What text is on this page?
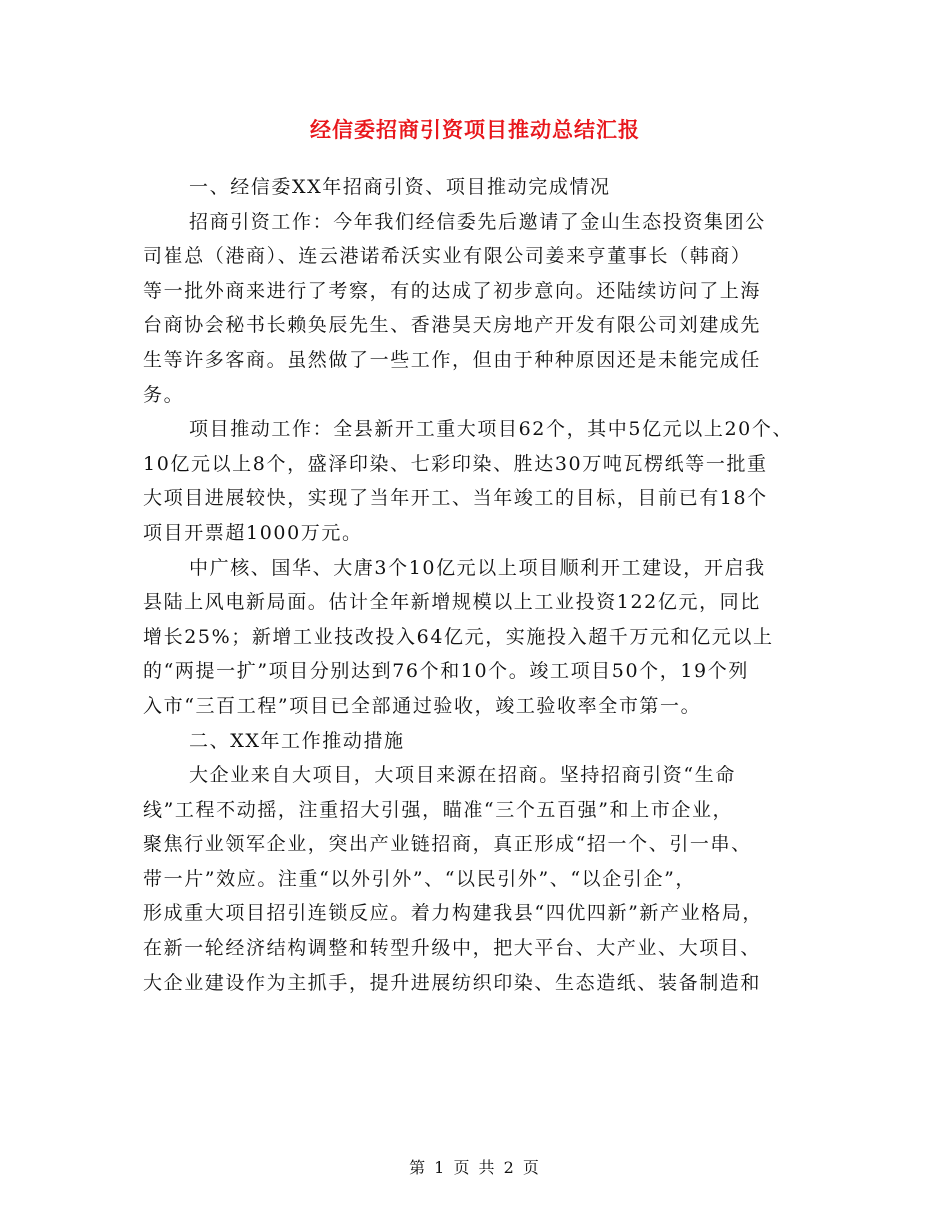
经信委招商引资项目推动总结汇报
一、经信委XX年招商引资、项目推动完成情况
招商引资工作：今年我们经信委先后邀请了金山生态投资集团公
司崔总（港商）、连云港诺希沃实业有限公司姜来亨董事长（韩商）
等一批外商来进行了考察，有的达成了初步意向。还陆续访问了上海
台商协会秘书长赖奂辰先生、香港昊天房地产开发有限公司刘建成先
生等许多客商。虽然做了一些工作，但由于种种原因还是未能完成任
务。
项目推动工作：全县新开工重大项目62个，其中5亿元以上20个、
10亿元以上8个，盛泽印染、七彩印染、胜达30万吨瓦楞纸等一批重
大项目进展较快，实现了当年开工、当年竣工的目标，目前已有18个
项目开票超1000万元。
中广核、国华、大唐3个10亿元以上项目顺利开工建设，开启我
县陆上风电新局面。估计全年新增规模以上工业投资122亿元，同比
增长25%；新增工业技改投入64亿元，实施投入超千万元和亿元以上
的“两提一扩”项目分别达到76个和10个。竣工项目50个，19个列
入市“三百工程”项目已全部通过验收，竣工验收率全市第一。
二、XX年工作推动措施
大企业来自大项目，大项目来源在招商。坚持招商引资“生命
线”工程不动摇，注重招大引强，瞄准“三个五百强”和上市企业，
聚焦行业领军企业，突出产业链招商，真正形成“招一个、引一串、
带一片”效应。注重“以外引外”、“以民引外”、“以企引企”，
形成重大项目招引连锁反应。着力构建我县“四优四新”新产业格局，
在新一轮经济结构调整和转型升级中，把大平台、大产业、大项目、
大企业建设作为主抓手，提升进展纺织印染、生态造纸、装备制造和
第 1 页 共 2 页
